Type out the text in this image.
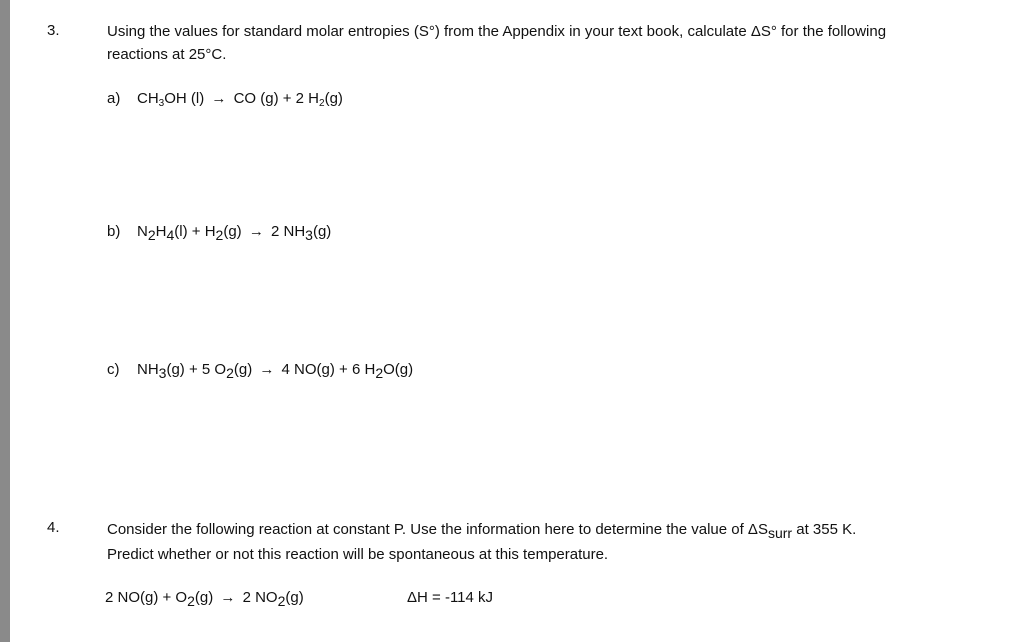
3.	Using the values for standard molar entropies (S°) from the Appendix in your text book, calculate ΔS° for the following
reactions at 25°C.
a) $CH_3OH$ (l) → CO (g) + 2 $H_2(g)$
b) $N_2H_4(l) + H_2(g) \to 2$ $NH_3(g)$
c) $NH_3(g) + 5$ $O_2(g) \to 4$ NO(g) + 6 $H_2O(g)$
4.	Consider the following reaction at constant P. Use the information here to determine the value of $\Delta S_{surr}$ at 355 K.
Predict whether or not this reaction will be spontaneous at this temperature.
2 $NO(g) + O_2(g) \to 2$ $NO_2(g)$	ΔH = -114 kJ
